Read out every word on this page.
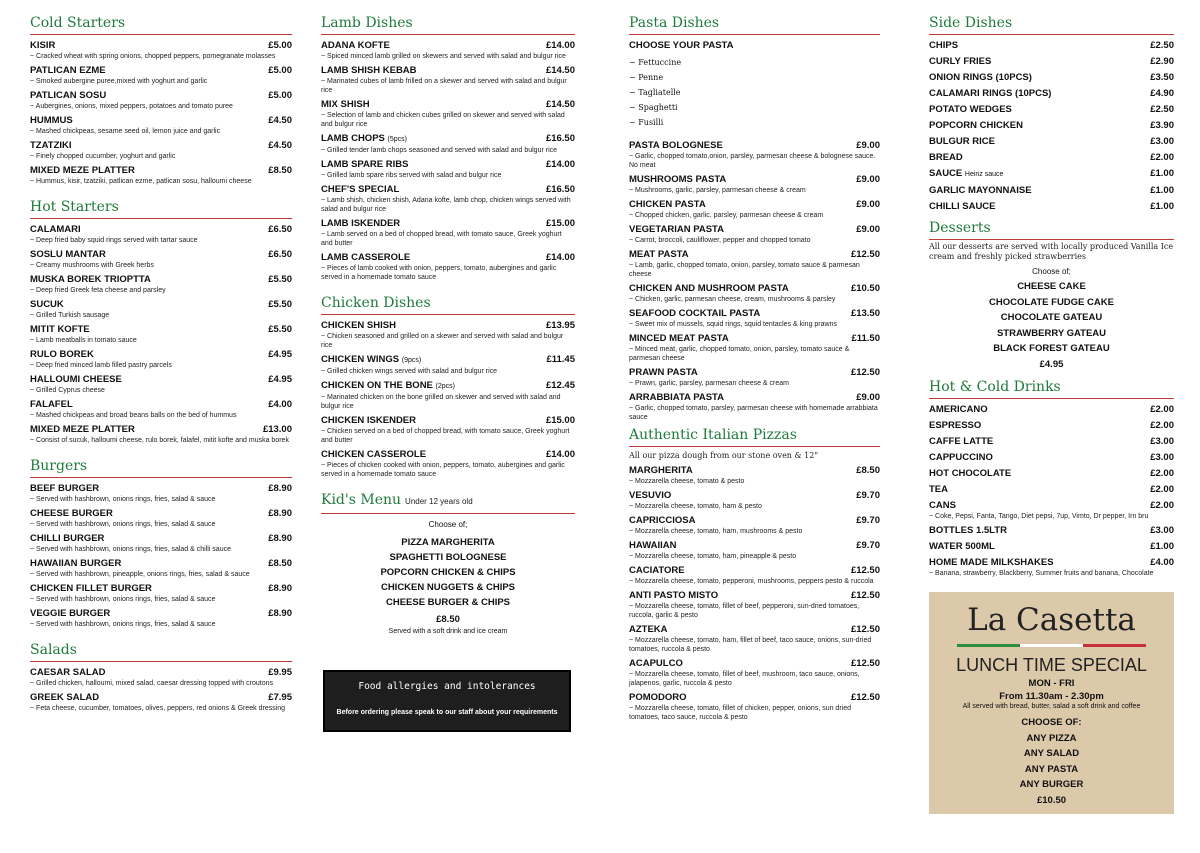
Cold Starters
KISIR	£5.00
~ Cracked wheat with spring onions, chopped peppers, pomegranate molasses
PATLICAN EZME	£5.00
~ Smoked aubergine puree,mixed with yoghurt and garlic
PATLICAN SOSU	£5.00
~ Aubergines, onions, mixed peppers, potatoes and tomato puree
HUMMUS	£4.50
~ Mashed chickpeas, sesame seed oil, lemon juice and garlic
TZATZIKI	£4.50
~ Finely chopped cucumber, yoghurt and garlic
MIXED MEZE PLATTER	£8.50
~ Hummus, kisir, tzatziki, patlican ezme, patlican sosu, halloumi cheese
Hot Starters
CALAMARI	£6.50
~ Deep fried baby squid rings served with tartar sauce
SOSLU MANTAR	£6.50
~ Creamy mushrooms with Greek herbs
MUSKA BOREK TRIOPTTA	£5.50
~ Deep fried Greek feta cheese and parsley
SUCUK	£5.50
~ Grilled Turkish sausage
MITIT KOFTE	£5.50
~ Lamb meatballs in tomato sauce
RULO BOREK	£4.95
~ Deep fried minced lamb filled pastry parcels
HALLOUMI CHEESE	£4.95
~ Grilled Cyprus cheese
FALAFEL	£4.00
~ Mashed chickpeas and broad beans balls on the bed of hummus
MIXED MEZE PLATTER	£13.00
~ Consist of sucuk, halloumi cheese, rulo borek, falafel, mitit kofte and muska borek
Burgers
BEEF BURGER	£8.90
~ Served with hashbrown, onions rings, fries, salad & sauce
CHEESE BURGER	£8.90
~ Served with hashbrown, onions rings, fries, salad & sauce
CHILLI BURGER	£8.90
~ Served with hashbrown, onions rings, fries, salad & chilli sauce
HAWAIIAN BURGER	£8.50
~ Served with hashbrown, pineapple, onions rings, fries, salad & sauce
CHICKEN FILLET BURGER	£8.90
~ Served with hashbrown, onions rings, fries, salad & sauce
VEGGIE BURGER	£8.90
~ Served with hashbrown, onions rings, fries, salad & sauce
Salads
CAESAR SALAD	£9.95
~ Grilled chicken, halloumi, mixed salad, caesar dressing topped with croutons
GREEK SALAD	£7.95
~ Feta cheese, cucumber, tomatoes, olives, peppers, red onions & Greek dressing
Lamb Dishes
ADANA KOFTE	£14.00
~ Spiced minced lamb grilled on skewers and served with salad and bulgur rice
LAMB SHISH KEBAB	£14.50
~ Marinated cubes of lamb frilled on a skewer and served with salad and bulgur rice
MIX SHISH	£14.50
~ Selection of lamb and chicken cubes grilled on skewer and served with salad and bulgur rice
LAMB CHOPS (5pcs)	£16.50
~ Grilled tender lamb chops seasoned and served with salad and bulgur rice
LAMB SPARE RIBS	£14.00
~ Grilled lamb spare ribs served with salad and bulgur rice
CHEF'S SPECIAL	£16.50
~ Lamb shish, chicken shish, Adana kofte, lamb chop, chicken wings served with salad and bulgur rice
LAMB ISKENDER	£15.00
~ Lamb served on a bed of chopped bread, with tomato sauce, Greek yoghurt and butter
LAMB CASSEROLE	£14.00
~ Pieces of lamb cooked with onion, peppers, tomato, aubergines and garlic served in a homemade tomato sauce
Chicken Dishes
CHICKEN SHISH	£13.95
~ Chicken seasoned and grilled on a skewer and served with salad and bulgur rice
CHICKEN WINGS (9pcs)	£11.45
~ Grilled chicken wings served with salad and bulgur rice
CHICKEN ON THE BONE (2pcs)	£12.45
~ Marinated chicken on the bone grilled on skewer and served with salad and bulgur rice
CHICKEN ISKENDER	£15.00
~ Chicken served on a bed of chopped bread, with tomato sauce, Greek yoghurt and butter
CHICKEN CASSEROLE	£14.00
~ Pieces of chicken cooked with onion, peppers, tomato, aubergines and garlic served in a homemade tomato sauce
Kid's Menu Under 12 years old
Choose of;
PIZZA MARGHERITA
SPAGHETTI BOLOGNESE
POPCORN CHICKEN & CHIPS
CHICKEN NUGGETS & CHIPS
CHEESE BURGER & CHIPS
£8.50
Served with a soft drink and ice cream
Food allergies and intolerances
Before ordering please speak to our staff about your requirements
Pasta Dishes
CHOOSE YOUR PASTA
~ Fettuccine
~ Penne
~ Tagliatelle
~ Spaghetti
~ Fusilli
PASTA BOLOGNESE	£9.00
~ Garlic, chopped tomato,onion, parsley, parmesan cheese & bolognese sauce. No meat
MUSHROOMS PASTA	£9.00
~ Mushrooms, garlic, parsley, parmesan cheese & cream
CHICKEN PASTA	£9.00
~ Chopped chicken, garlic, parsley, parmesan cheese & cream
VEGETARIAN PASTA	£9.00
~ Carrot, broccoli, cauliflower, pepper and chopped tomato
MEAT PASTA	£12.50
~ Lamb, garlic, chopped tomato, onion, parsley, tomato sauce & parmesan cheese
CHICKEN AND MUSHROOM PASTA	£10.50
~ Chicken, garlic, parmesan cheese, cream, mushrooms & parsley
SEAFOOD COCKTAIL PASTA	£13.50
~ Sweet mix of mussels, squid rings, squid tentacles & king prawns
MINCED MEAT PASTA	£11.50
~ Minced meat, garlic, chopped tomato, onion, parsley, tomato sauce & parmesan cheese
PRAWN PASTA	£12.50
~ Prawn, garlic, parsley, parmesan cheese & cream
ARRABBIATA PASTA	£9.00
~ Garlic, chopped tomato, parsley, parmesan cheese with homemade arrabbiata sauce
Authentic Italian Pizzas
All our pizza dough from our stone oven & 12"
MARGHERITA	£8.50
~ Mozzarella cheese, tomato & pesto
VESUVIO	£9.70
~ Mozzarella cheese, tomato, ham & pesto
CAPRICCIOSA	£9.70
~ Mozzarella cheese, tomato, ham, mushrooms & pesto
HAWAIIAN	£9.70
~ Mozzarella cheese, tomato, ham, pineapple & pesto
CACIATORE	£12.50
~ Mozzarella cheese, tomato, pepperoni, mushrooms, peppers pesto & ruccola
ANTI PASTO MISTO	£12.50
~ Mozzarella cheese, tomato, fillet of beef, pepperoni, sun-dried tomatoes, ruccola, garlic & pesto
AZTEKA	£12.50
~ Mozzarella cheese, tomato, ham, fillet of beef, taco sauce, onions, sun-dried tomatoes, ruccola & pesto
ACAPULCO	£12.50
~ Mozzarella cheese, tomato, fillet of beef, mushroom, taco sauce, onions, jalapenos, garlic, ruccola & pesto
POMODORO	£12.50
~ Mozzarella cheese, tomato, fillet of chicken, pepper, onions, sun dried tomatoes, taco sauce, ruccola & pesto
Side Dishes
CHIPS	£2.50
CURLY FRIES	£2.90
ONION RINGS (10PCS)	£3.50
CALAMARI RINGS (10PCS)	£4.90
POTATO WEDGES	£2.50
POPCORN CHICKEN	£3.90
BULGUR RICE	£3.00
BREAD	£2.00
SAUCE Heinz sauce	£1.00
GARLIC MAYONNAISE	£1.00
CHILLI SAUCE	£1.00
Desserts
All our desserts are served with locally produced Vanilla Ice cream and freshly picked strawberries
Choose of;
CHEESE CAKE
CHOCOLATE FUDGE CAKE
CHOCOLATE GATEAU
STRAWBERRY GATEAU
BLACK FOREST GATEAU
£4.95
Hot & Cold Drinks
AMERICANO	£2.00
ESPRESSO	£2.00
CAFFE LATTE	£3.00
CAPPUCCINO	£3.00
HOT CHOCOLATE	£2.00
TEA	£2.00
CANS	£2.00
~ Coke, Pepsi, Fanta, Tango, Diet pepsi, 7up, Vimto, Dr pepper, Irn bru
BOTTLES 1.5LTR	£3.00
WATER 500ML	£1.00
HOME MADE MILKSHAKES	£4.00
~ Banana, strawberry, Blackberry, Summer fruits and banana, Chocolate
La Casetta
LUNCH TIME SPECIAL
MON - FRI
From 11.30am - 2.30pm
All served with bread, butter, salad a soft drink and coffee
CHOOSE OF:
ANY PIZZA
ANY SALAD
ANY PASTA
ANY BURGER
£10.50
